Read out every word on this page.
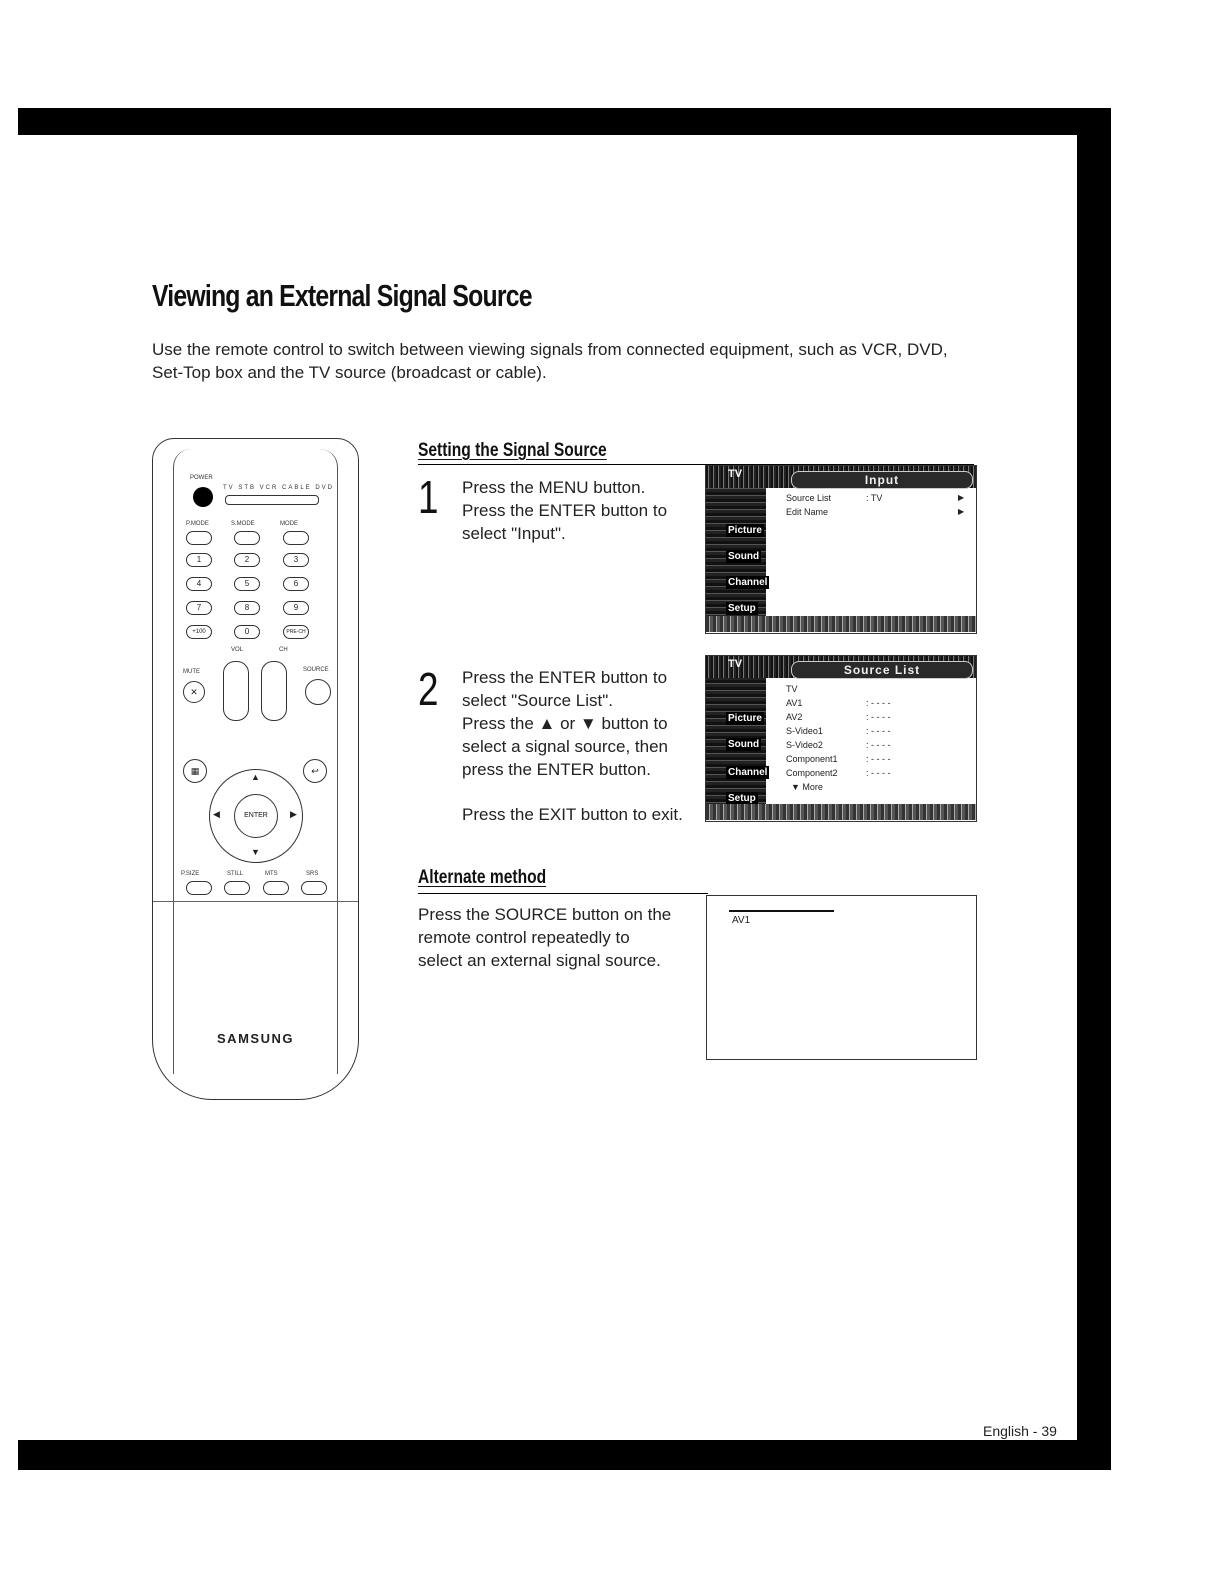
Viewing an External Signal Source

Use the remote control to switch between viewing signals from connected equipment, such as VCR, DVD, Set-Top box and the TV source (broadcast or cable).

POWER
TV STB VCR CABLE DVD
P.MODE	S.MODE	MODE
1	2	3
4	5	6
7	8	9
+100	0	PRE-CH
VOL	CH
MUTE
✕
SOURCE
▦	↩
▲
▼
◀	▶
ENTER
P.SIZE	STILL	MTS	SRS
SAMSUNG
Setting the Signal Source
1 Press the MENU button.
Press the ENTER button to
select "Input".

TV	Input
Picture
Sound
Channel
Setup
Source List	: TV	▶
Edit Name	▶
2 Press the ENTER button to
select "Source List".
Press the ▲ or ▼ button to
select a signal source, then
press the ENTER button.

Press the EXIT button to exit.

TV	Source List
Picture
Sound
Channel
Setup
TV
AV1	: - - - -
AV2	: - - - -
S-Video1	: - - - -
S-Video2	: - - - -
Component1	: - - - -
Component2	: - - - -
▼ More
Alternate method

Press the SOURCE button on the
remote control repeatedly to
select an external signal source.

AV1
English - 39
